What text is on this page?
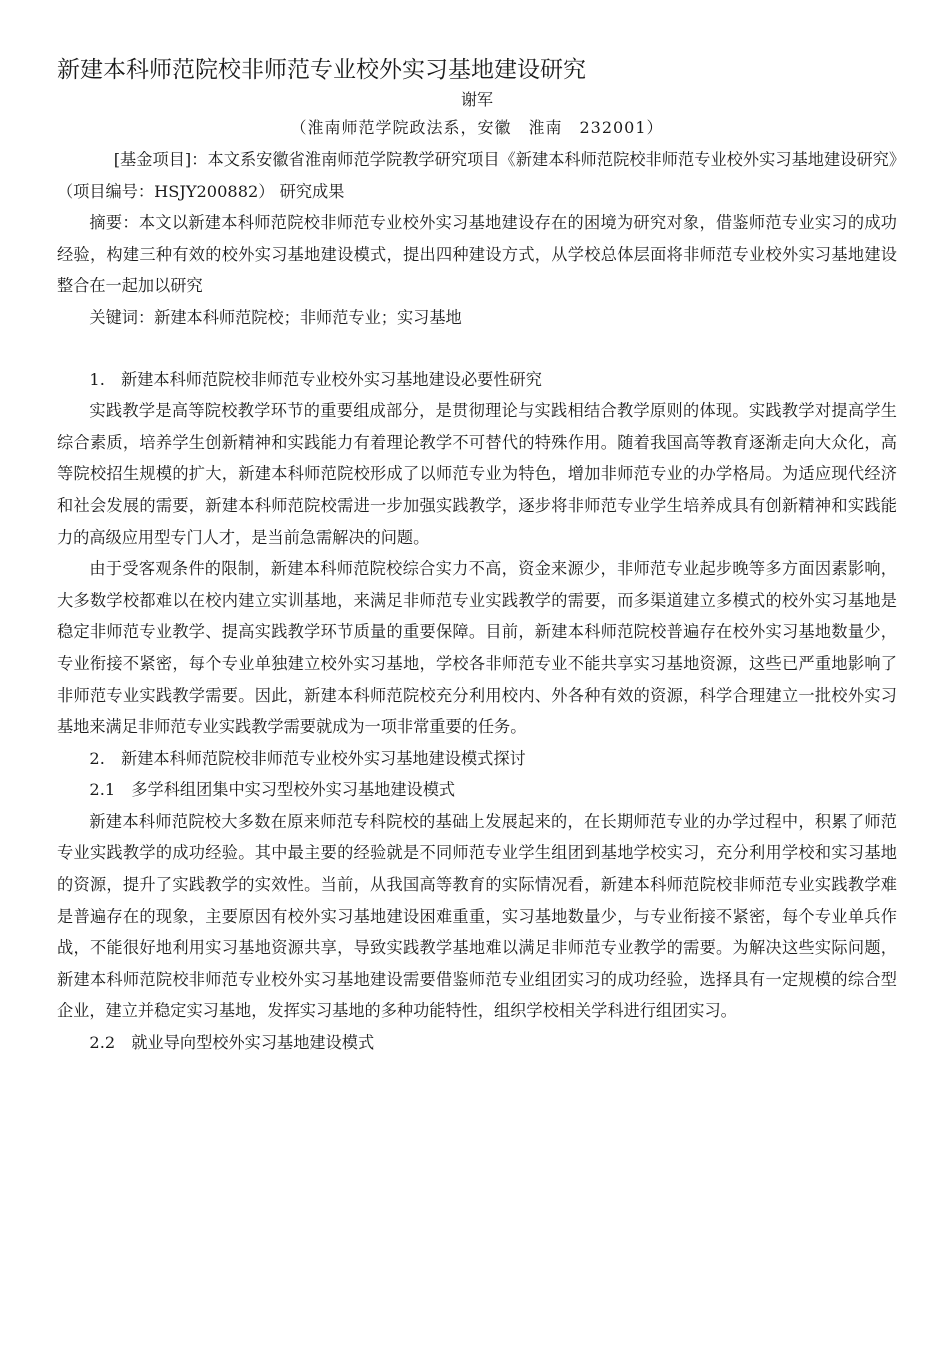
新建本科师范院校非师范专业校外实习基地建设研究
谢军
（淮南师范学院政法系，安徽　淮南　232001）

[基金项目]：本文系安徽省淮南师范学院教学研究项目《新建本科师范院校非师范专业校外实习基地建设研究》（项目编号：HSJY200882） 研究成果

摘要：本文以新建本科师范院校非师范专业校外实习基地建设存在的困境为研究对象，借鉴师范专业实习的成功经验，构建三种有效的校外实习基地建设模式，提出四种建设方式，从学校总体层面将非师范专业校外实习基地建设整合在一起加以研究

关键词：新建本科师范院校；非师范专业；实习基地

1.　新建本科师范院校非师范专业校外实习基地建设必要性研究

实践教学是高等院校教学环节的重要组成部分，是贯彻理论与实践相结合教学原则的体现。实践教学对提高学生综合素质，培养学生创新精神和实践能力有着理论教学不可替代的特殊作用。随着我国高等教育逐渐走向大众化，高等院校招生规模的扩大，新建本科师范院校形成了以师范专业为特色，增加非师范专业的办学格局。为适应现代经济和社会发展的需要，新建本科师范院校需进一步加强实践教学，逐步将非师范专业学生培养成具有创新精神和实践能力的高级应用型专门人才，是当前急需解决的问题。

由于受客观条件的限制，新建本科师范院校综合实力不高，资金来源少，非师范专业起步晚等多方面因素影响，大多数学校都难以在校内建立实训基地，来满足非师范专业实践教学的需要，而多渠道建立多模式的校外实习基地是稳定非师范专业教学、提高实践教学环节质量的重要保障。目前，新建本科师范院校普遍存在校外实习基地数量少，专业衔接不紧密，每个专业单独建立校外实习基地，学校各非师范专业不能共享实习基地资源，这些已严重地影响了非师范专业实践教学需要。因此，新建本科师范院校充分利用校内、外各种有效的资源，科学合理建立一批校外实习基地来满足非师范专业实践教学需要就成为一项非常重要的任务。

2.　新建本科师范院校非师范专业校外实习基地建设模式探讨

2.1　多学科组团集中实习型校外实习基地建设模式

新建本科师范院校大多数在原来师范专科院校的基础上发展起来的，在长期师范专业的办学过程中，积累了师范专业实践教学的成功经验。其中最主要的经验就是不同师范专业学生组团到基地学校实习，充分利用学校和实习基地的资源，提升了实践教学的实效性。当前，从我国高等教育的实际情况看，新建本科师范院校非师范专业实践教学难是普遍存在的现象，主要原因有校外实习基地建设困难重重，实习基地数量少，与专业衔接不紧密，每个专业单兵作战，不能很好地利用实习基地资源共享，导致实践教学基地难以满足非师范专业教学的需要。为解决这些实际问题，新建本科师范院校非师范专业校外实习基地建设需要借鉴师范专业组团实习的成功经验，选择具有一定规模的综合型企业，建立并稳定实习基地，发挥实习基地的多种功能特性，组织学校相关学科进行组团实习。

2.2　就业导向型校外实习基地建设模式
